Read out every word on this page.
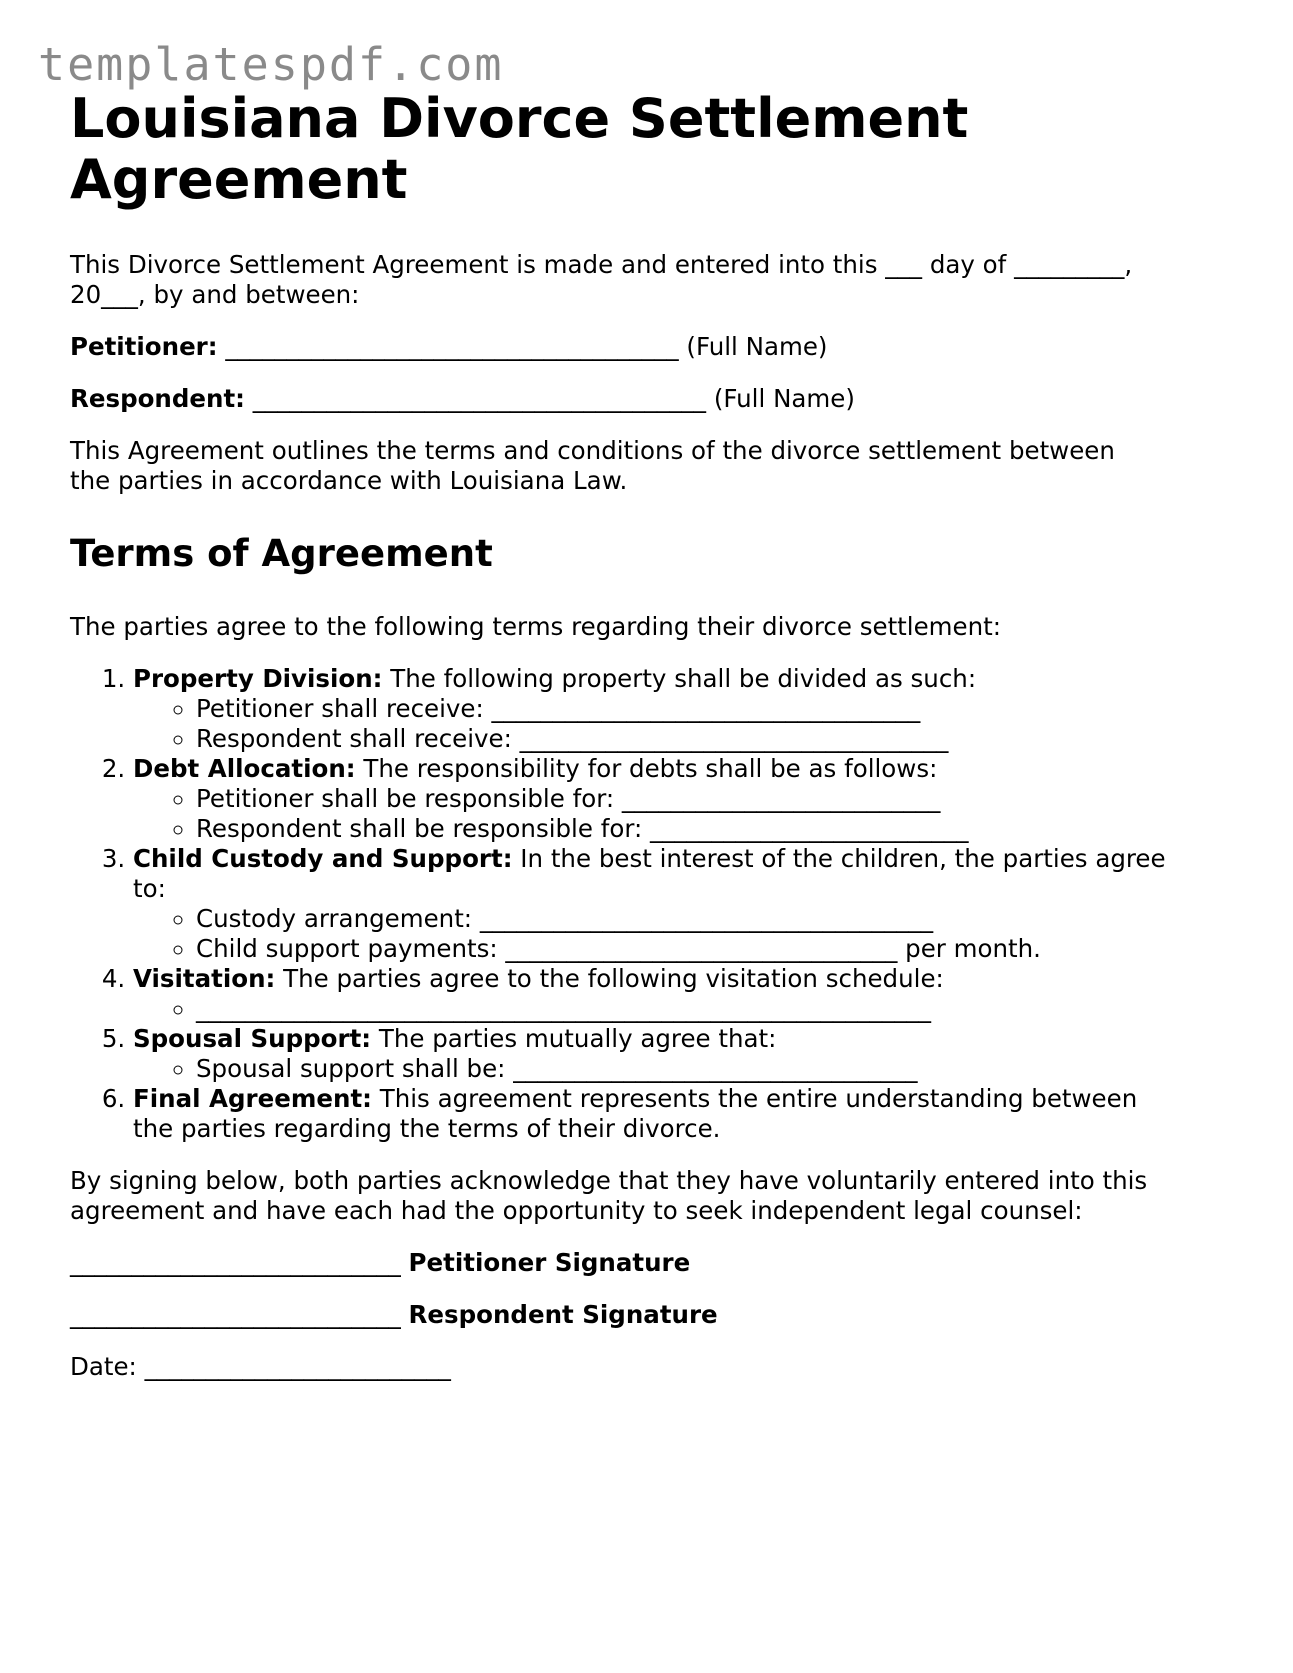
templatespdf.com
Louisiana Divorce Settlement Agreement

This Divorce Settlement Agreement is made and entered into this ___ day of _________,
20___, by and between:

Petitioner: _____________________________________ (Full Name)

Respondent: _____________________________________ (Full Name)

This Agreement outlines the terms and conditions of the divorce settlement between the parties in accordance with Louisiana Law.

Terms of Agreement

The parties agree to the following terms regarding their divorce settlement:

1. Property Division: The following property shall be divided as such:
◦ Petitioner shall receive: ___________________________________
◦ Respondent shall receive: ___________________________________
2. Debt Allocation: The responsibility for debts shall be as follows:
◦ Petitioner shall be responsible for: __________________________
◦ Respondent shall be responsible for: __________________________
3. Child Custody and Support: In the best interest of the children, the parties agree to:
◦ Custody arrangement: _____________________________________
◦ Child support payments: ________________________________ per month.
4. Visitation: The parties agree to the following visitation schedule:
◦ ____________________________________________________________
5. Spousal Support: The parties mutually agree that:
◦ Spousal support shall be: _________________________________
6. Final Agreement: This agreement represents the entire understanding between the parties regarding the terms of their divorce.

By signing below, both parties acknowledge that they have voluntarily entered into this agreement and have each had the opportunity to seek independent legal counsel:

___________________________ Petitioner Signature

___________________________ Respondent Signature

Date: _________________________
